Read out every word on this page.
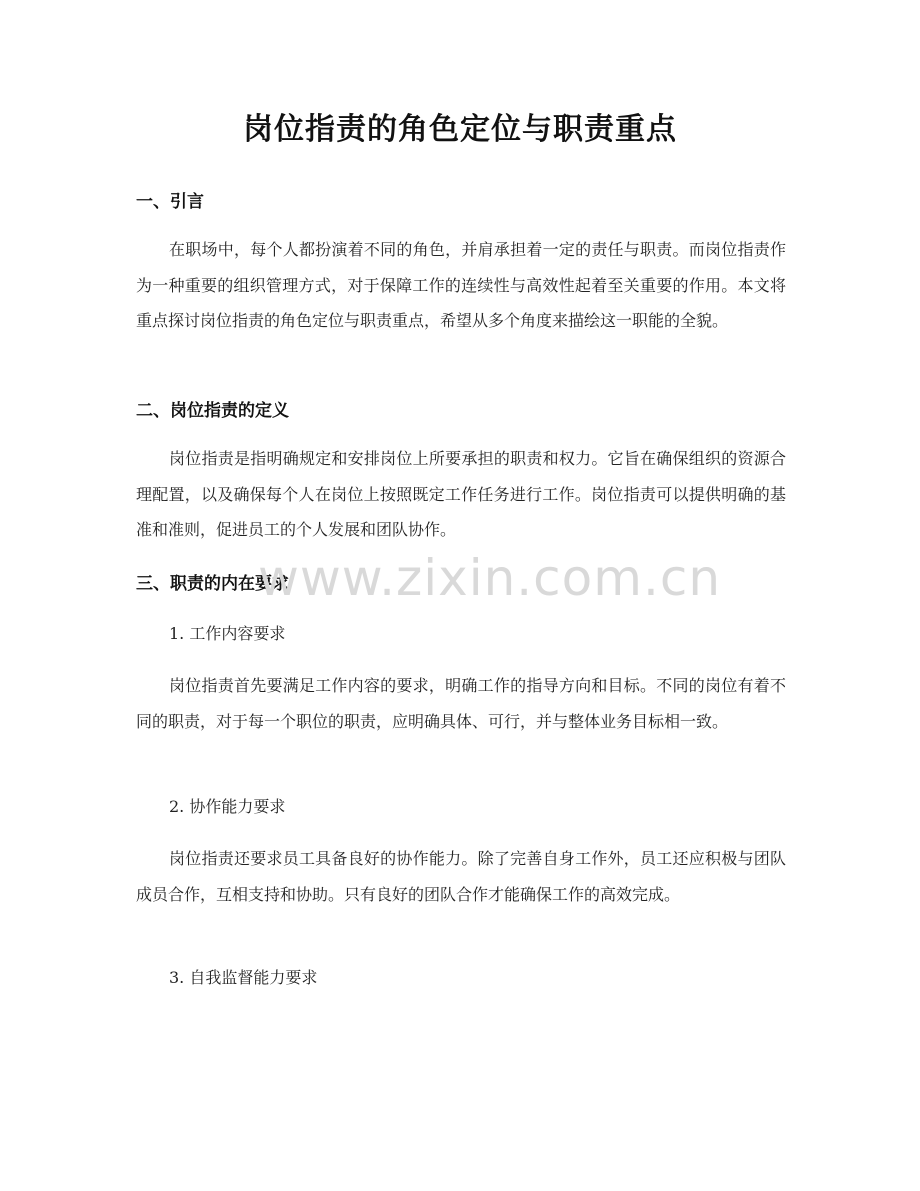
岗位指责的角色定位与职责重点
一、引言
在职场中，每个人都扮演着不同的角色，并肩承担着一定的责任与职责。而岗位指责作为一种重要的组织管理方式，对于保障工作的连续性与高效性起着至关重要的作用。本文将重点探讨岗位指责的角色定位与职责重点，希望从多个角度来描绘这一职能的全貌。
二、岗位指责的定义
岗位指责是指明确规定和安排岗位上所要承担的职责和权力。它旨在确保组织的资源合理配置，以及确保每个人在岗位上按照既定工作任务进行工作。岗位指责可以提供明确的基准和准则，促进员工的个人发展和团队协作。
三、职责的内在要求
1. 工作内容要求
岗位指责首先要满足工作内容的要求，明确工作的指导方向和目标。不同的岗位有着不同的职责，对于每一个职位的职责，应明确具体、可行，并与整体业务目标相一致。
2. 协作能力要求
岗位指责还要求员工具备良好的协作能力。除了完善自身工作外，员工还应积极与团队成员合作，互相支持和协助。只有良好的团队合作才能确保工作的高效完成。
3. 自我监督能力要求
www.zixin.com.cn
